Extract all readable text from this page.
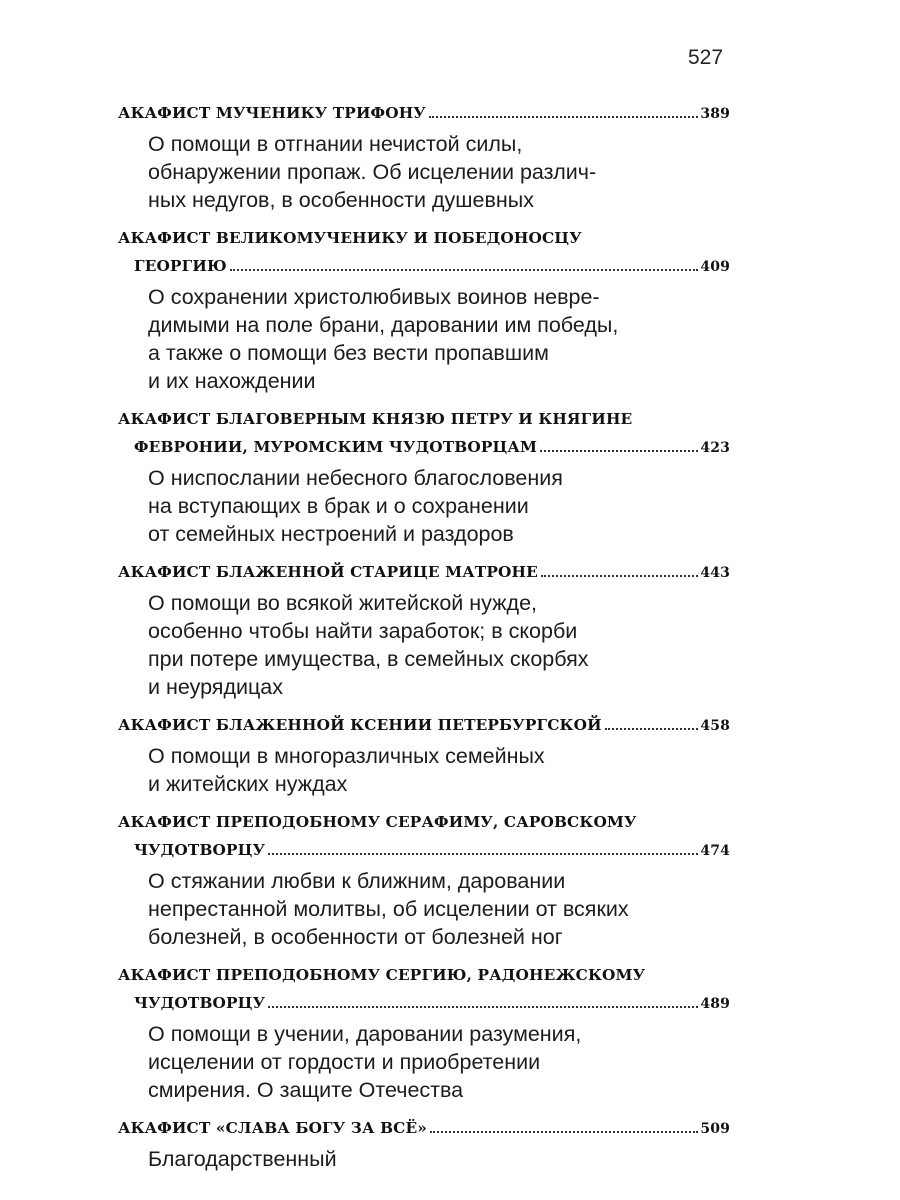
527
АКАФИСТ МУЧЕНИКУ ТРИФОНУ	389
О помощи в отгнании нечистой силы,
обнаружении пропаж. Об исцелении различ-
ных недугов, в особенности душевных
АКАФИСТ ВЕЛИКОМУЧЕНИКУ И ПОБЕДОНОСЦУ
ГЕОРГИЮ	409
О сохранении христолюбивых воинов невре-
димыми на поле брани, даровании им победы,
а также о помощи без вести пропавшим
и их нахождении
АКАФИСТ БЛАГОВЕРНЫМ КНЯЗЮ ПЕТРУ И КНЯГИНЕ
ФЕВРОНИИ, МУРОМСКИМ ЧУДОТВОРЦАМ	423
О ниспослании небесного благословения
на вступающих в брак и о сохранении
от семейных нестроений и раздоров
АКАФИСТ БЛАЖЕННОЙ СТАРИЦЕ МАТРОНЕ	443
О помощи во всякой житейской нужде,
особенно чтобы найти заработок; в скорби
при потере имущества, в семейных скорбях
и неурядицах
АКАФИСТ БЛАЖЕННОЙ КСЕНИИ ПЕТЕРБУРГСКОЙ	458
О помощи в многоразличных семейных
и житейских нуждах
АКАФИСТ ПРЕПОДОБНОМУ СЕРАФИМУ, САРОВСКОМУ
ЧУДОТВОРЦУ	474
О стяжании любви к ближним, даровании
непрестанной молитвы, об исцелении от всяких
болезней, в особенности от болезней ног
АКАФИСТ ПРЕПОДОБНОМУ СЕРГИЮ, РАДОНЕЖСКОМУ
ЧУДОТВОРЦУ	489
О помощи в учении, даровании разумения,
исцелении от гордости и приобретении
смирения. О защите Отечества
АКАФИСТ «СЛАВА БОГУ ЗА ВСЁ»	509
Благодарственный
